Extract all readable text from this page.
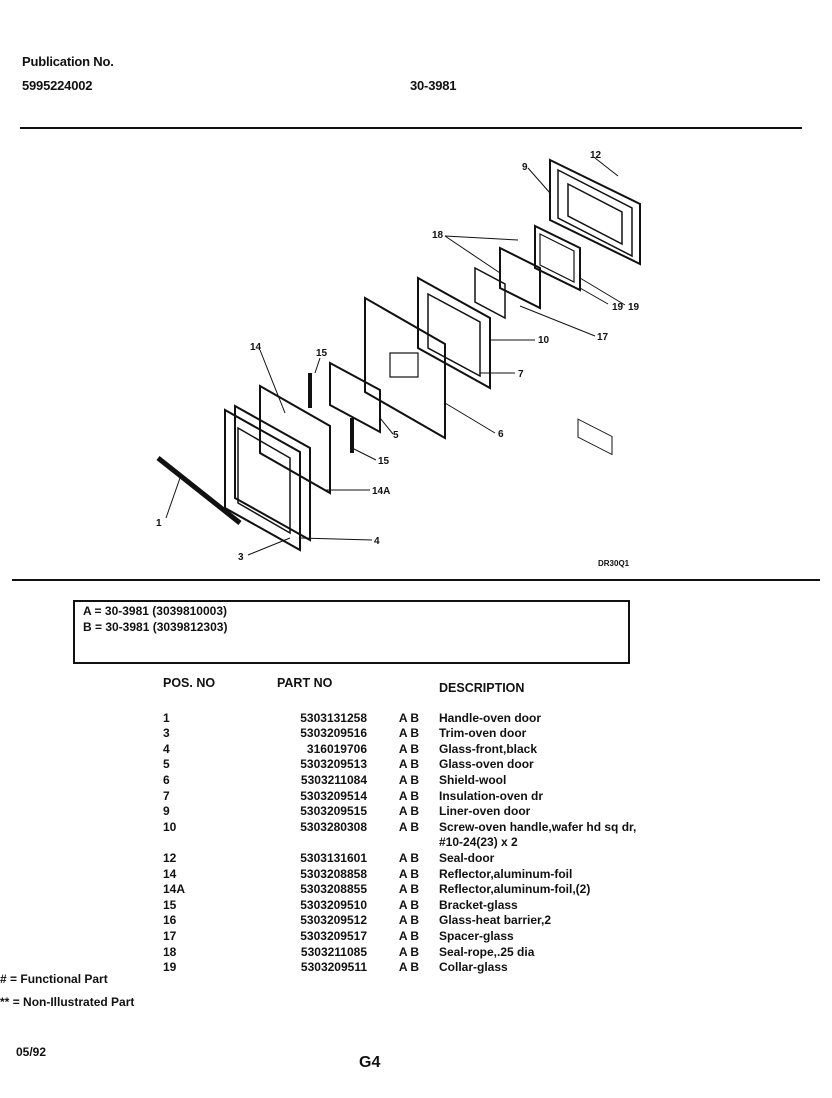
Publication No.
5995224002	30-3981
9
12
18
19 19
17
10
7
6
14
15
5
15
14A
4
1
3
DR30Q1
A = 30-3981 (3039810003)
B = 30-3981 (3039812303)
POS. NO	PART NO		DESCRIPTION
1	5303131258	A B	Handle-oven door
3	5303209516	A B	Trim-oven door
4	316019706	A B	Glass-front,black
5	5303209513	A B	Glass-oven door
6	5303211084	A B	Shield-wool
7	5303209514	A B	Insulation-oven dr
9	5303209515	A B	Liner-oven door
10	5303280308	A B	Screw-oven handle,wafer hd sq dr,
			#10-24(23) x 2
12	5303131601	A B	Seal-door
14	5303208858	A B	Reflector,aluminum-foil
14A	5303208855	A B	Reflector,aluminum-foil,(2)
15	5303209510	A B	Bracket-glass
16	5303209512	A B	Glass-heat barrier,2
17	5303209517	A B	Spacer-glass
18	5303211085	A B	Seal-rope,.25 dia
19	5303209511	A B	Collar-glass
# = Functional Part
** = Non-Illustrated Part
05/92
G4
